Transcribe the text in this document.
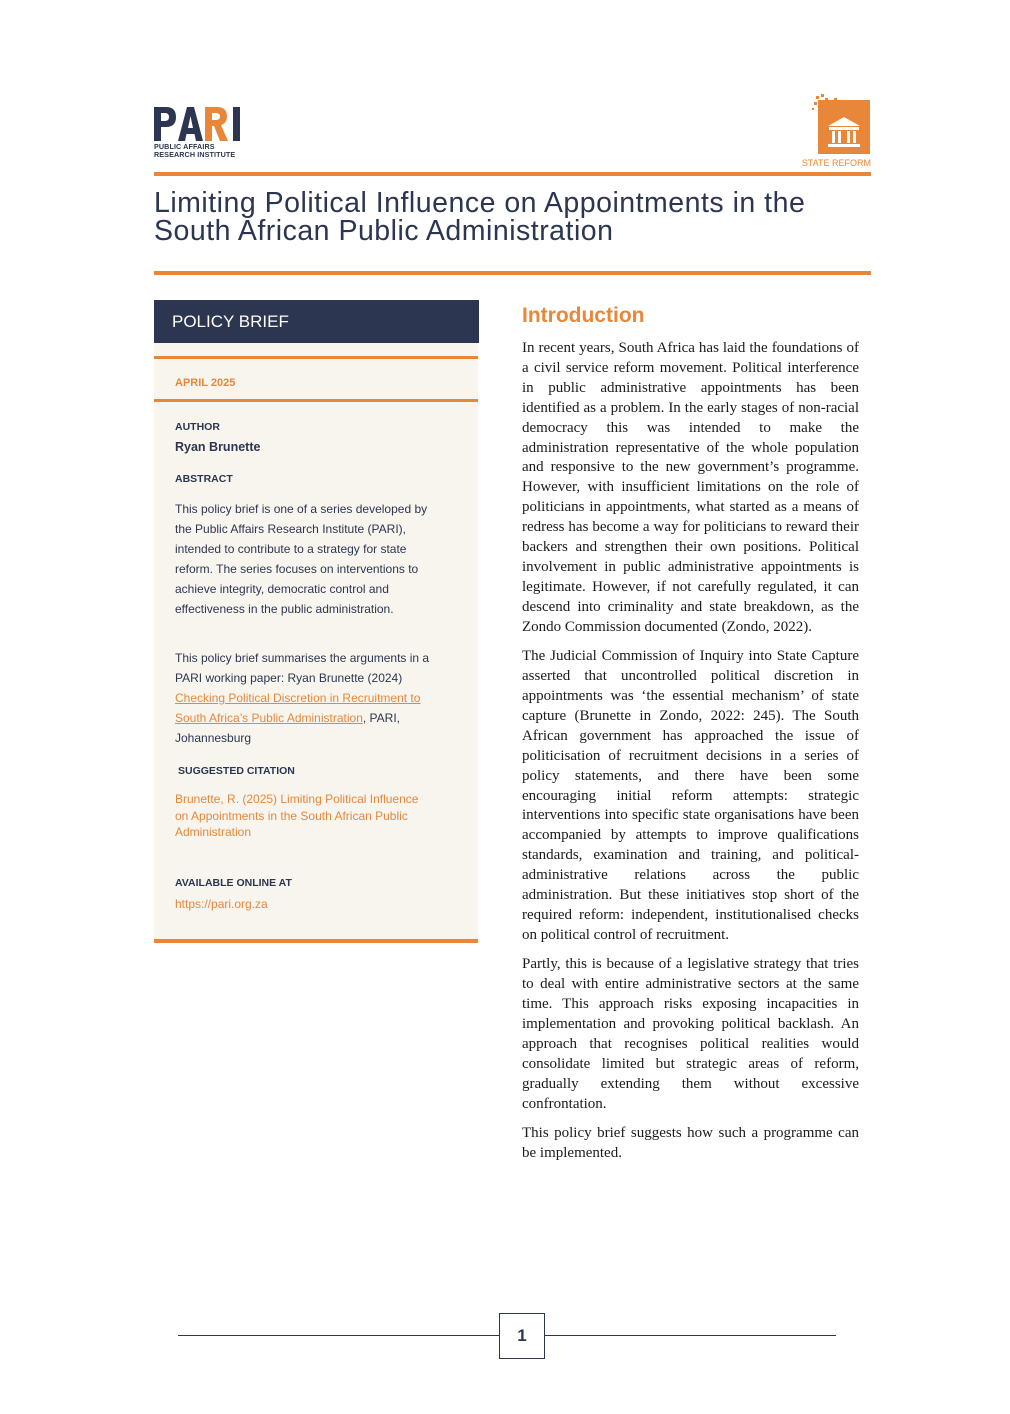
PUBLIC AFFAIRS
RESEARCH INSTITUTE
STATE REFORM
Limiting Political Influence on Appointments in the South African Public Administration
POLICY BRIEF
APRIL 2025
AUTHOR
Ryan Brunette
ABSTRACT

This policy brief is one of a series developed by the Public Affairs Research Institute (PARI), intended to contribute to a strategy for state reform. The series focuses on interventions to achieve integrity, democratic control and effectiveness in the public administration.

This policy brief summarises the arguments in a PARI working paper: Ryan Brunette (2024) Checking Political Discretion in Recruitment to South Africa’s Public Administration, PARI, Johannesburg

SUGGESTED CITATION

Brunette, R. (2025) Limiting Political Influence on Appointments in the South African Public Administration

AVAILABLE ONLINE AT
https://pari.org.za
Introduction

In recent years, South Africa has laid the foundations of a civil service reform movement. Political interference in public administrative appointments has been identified as a problem. In the early stages of non-racial democracy this was intended to make the administration representative of the whole population and responsive to the new government’s programme. However, with insufficient limitations on the role of politicians in appointments, what started as a means of redress has become a way for politicians to reward their backers and strengthen their own positions. Political involvement in public administrative appointments is legitimate. However, if not carefully regulated, it can descend into criminality and state breakdown, as the Zondo Commission documented (Zondo, 2022).

The Judicial Commission of Inquiry into State Capture asserted that uncontrolled political discretion in appointments was ‘the essential mechanism’ of state capture (Brunette in Zondo, 2022: 245). The South African government has approached the issue of politicisation of recruitment decisions in a series of policy statements, and there have been some encouraging initial reform attempts: strategic interventions into specific state organisations have been accompanied by attempts to improve qualifications standards, examination and training, and political-administrative relations across the public administration. But these initiatives stop short of the required reform: independent, institutionalised checks on political control of recruitment.

Partly, this is because of a legislative strategy that tries to deal with entire administrative sectors at the same time. This approach risks exposing incapacities in implementation and provoking political backlash. An approach that recognises political realities would consolidate limited but strategic areas of reform, gradually extending them without excessive confrontation.

This policy brief suggests how such a programme can be implemented.

1
